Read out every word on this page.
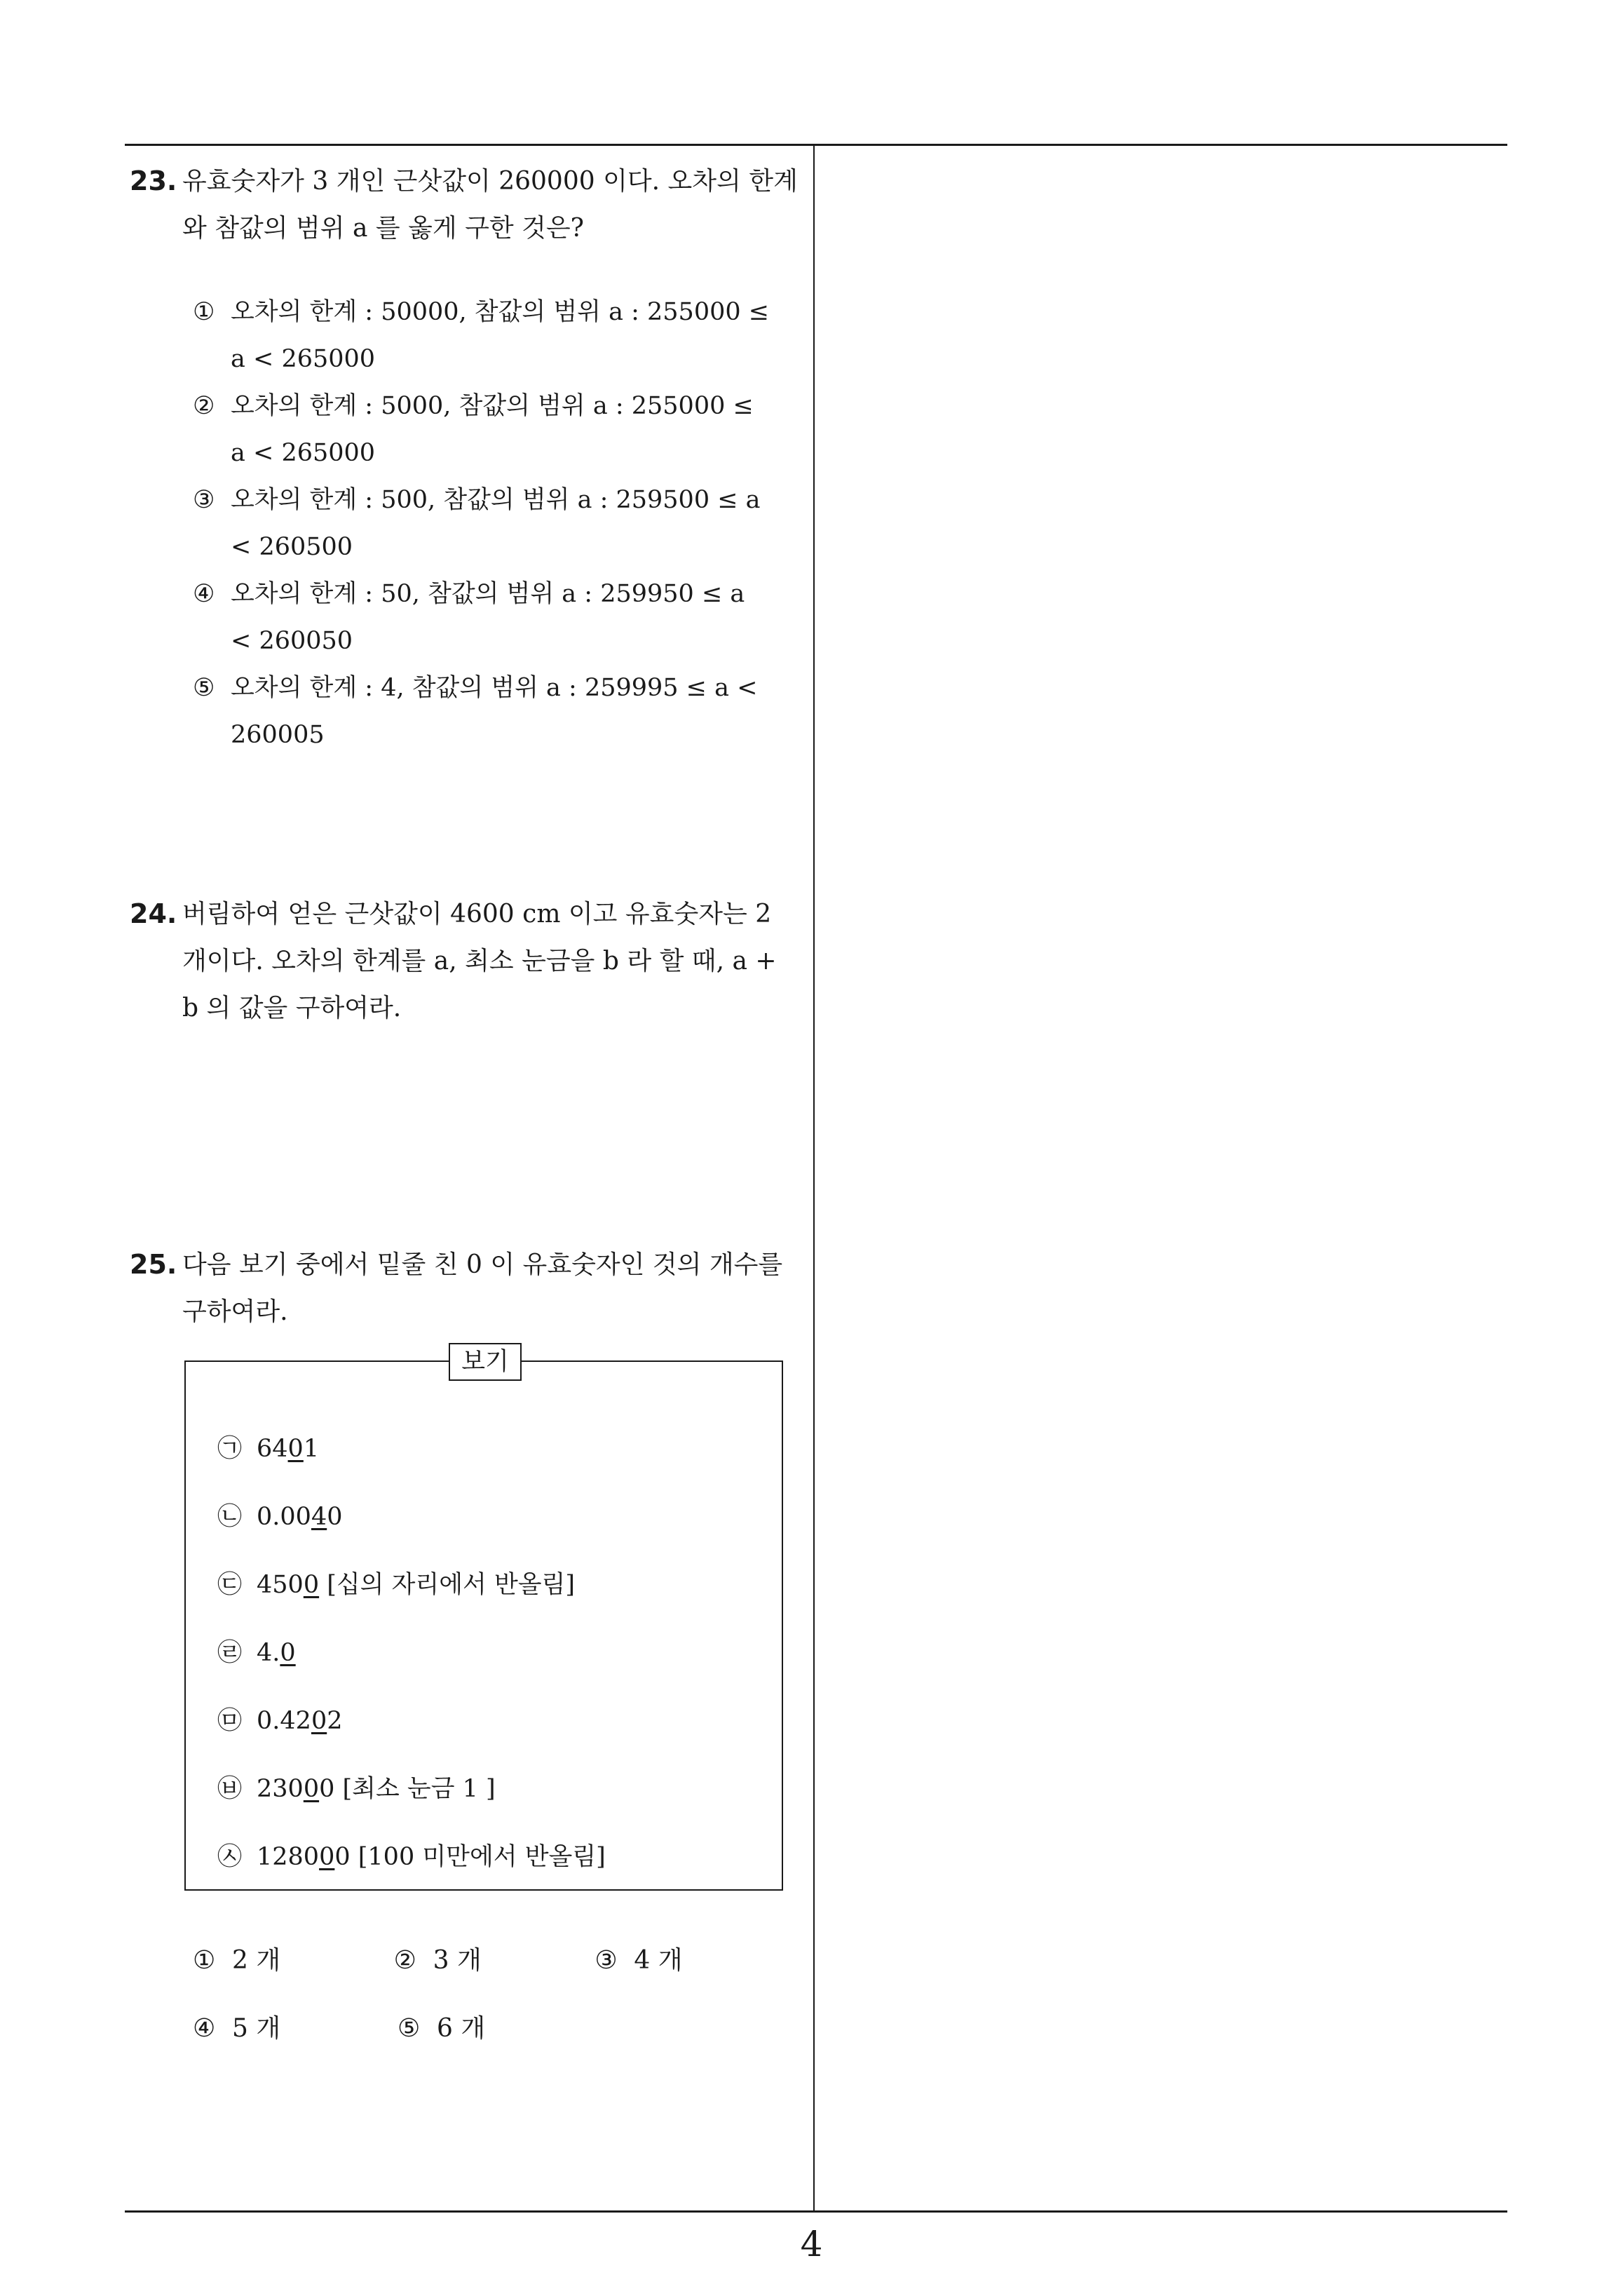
23. 유효숫자가 3 개인 근삿값이 260000 이다. 오차의 한계와 참값의 범위 a 를 옳게 구한 것은?
① 오차의 한계 : 50000, 참값의 범위 a : 255000 ≤ a < 265000
② 오차의 한계 : 5000, 참값의 범위 a : 255000 ≤ a < 265000
③ 오차의 한계 : 500, 참값의 범위 a : 259500 ≤ a < 260500
④ 오차의 한계 : 50, 참값의 범위 a : 259950 ≤ a < 260050
⑤ 오차의 한계 : 4, 참값의 범위 a : 259995 ≤ a < 260005
24. 버림하여 얻은 근삿값이 4600 cm 이고 유효숫자는 2 개이다. 오차의 한계를 a, 최소 눈금을 b 라 할 때, a + b 의 값을 구하여라.
25. 다음 보기 중에서 밑줄 친 0 이 유효숫자인 것의 개수를 구하여라.
보기
㉠ 6401
㉡ 0.0040
㉢ 4500 [십의 자리에서 반올림]
㉣ 4.0
㉤ 0.4202
㉥ 23000 [최소 눈금 1 ]
㉦ 128000 [100 미만에서 반올림]
① 2 개	② 3 개	③ 4 개
④ 5 개	⑤ 6 개
4
